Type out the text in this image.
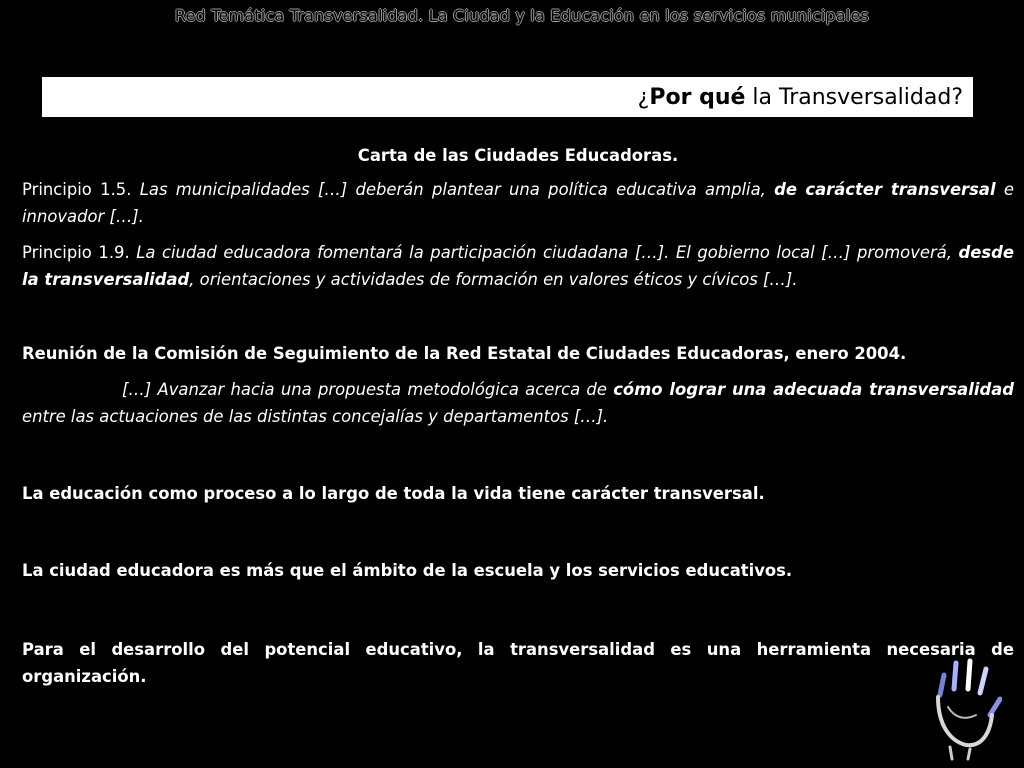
Red Temática Transversalidad. La Ciudad y la Educación en los servicios municipales
¿Por qué la Transversalidad?
Carta de las Ciudades Educadoras.

Principio 1.5. Las municipalidades […] deberán plantear una política educativa amplia, de carácter transversal e innovador […].

Principio 1.9. La ciudad educadora fomentará la participación ciudadana […]. El gobierno local […] promoverá, desde la transversalidad, orientaciones y actividades de formación en valores éticos y cívicos […].

Reunión de la Comisión de Seguimiento de la Red Estatal de Ciudades Educadoras, enero 2004.

[…] Avanzar hacia una propuesta metodológica acerca de cómo lograr una adecuada transversalidad entre las actuaciones de las distintas concejalías y departamentos […].

La educación como proceso a lo largo de toda la vida tiene carácter transversal.

La ciudad educadora es más que el ámbito de la escuela y los servicios educativos.

Para el desarrollo del potencial educativo, la transversalidad es una herramienta necesaria de organización.
